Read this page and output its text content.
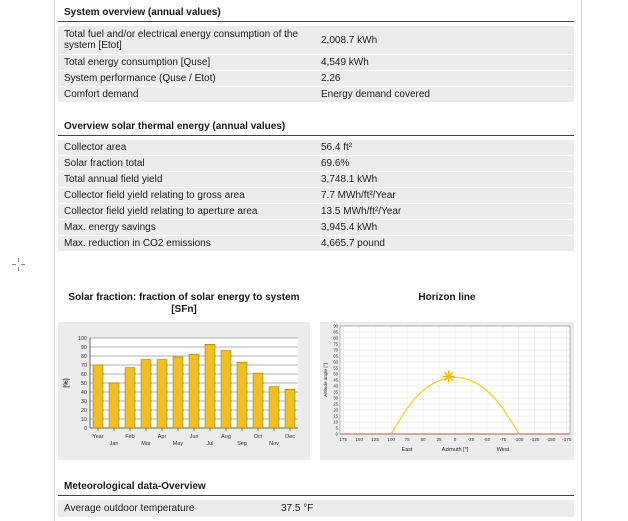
System overview (annual values)
Total fuel and/or electrical energy consumption of the system [Etot]	2,008.7 kWh
Total energy consumption [Quse]	4,549 kWh
System performance (Quse / Etot)	2.26
Comfort demand	Energy demand covered
Overview solar thermal energy (annual values)
Collector area	56.4 ft²
Solar fraction total	69.6%
Total annual field yield	3,748.1 kWh
Collector field yield relating to gross area	7.7 MWh/ft²/Year
Collector field yield relating to aperture area	13.5 MWh/ft²/Year
Max. energy savings	3,945.4 kWh
Max. reduction in CO2 emissions	4,665.7 pound
Solar fraction: fraction of solar energy to system [SFn]
Horizon line
0
10
20
30
40
50
60
70
80
90
100
[%]
Year
Jan
Feb
Mar
Apr
May
Jun
Jul
Aug
Sep
Oct
Nov
Dec	0
5
10
15
20
25
30
35
40
45
50
55
60
65
70
75
80
85
90
175 150 125 100 75 50 25	0 -25 -50 -75 -100 -125 -150 -175
Altitude angle [°]
East	Azimuth [°]	West
Meteorological data-Overview
Average outdoor temperature	37.5 °F
